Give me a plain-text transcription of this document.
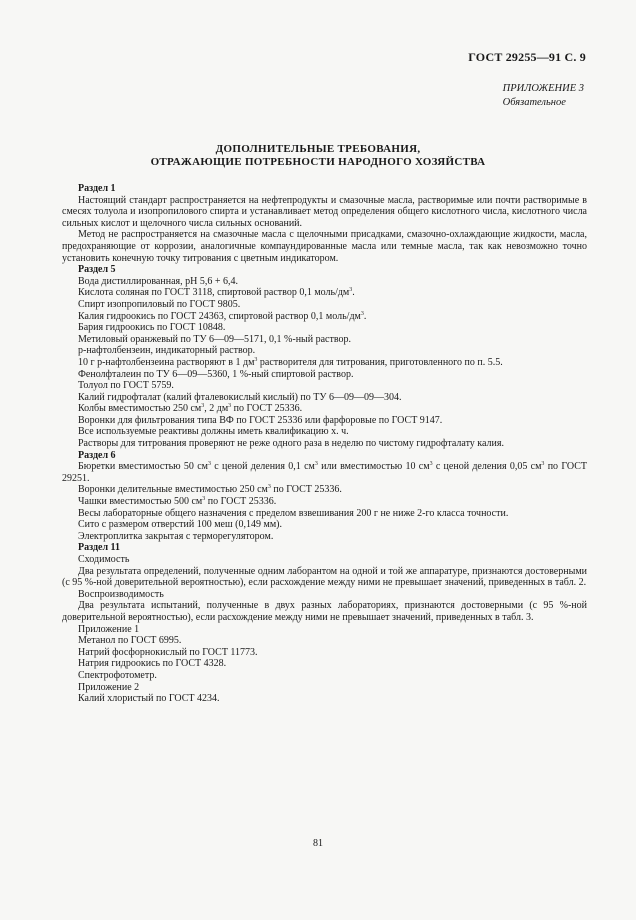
ГОСТ 29255—91 С. 9
ПРИЛОЖЕНИЕ 3
Обязательное
ДОПОЛНИТЕЛЬНЫЕ ТРЕБОВАНИЯ,
ОТРАЖАЮЩИЕ ПОТРЕБНОСТИ НАРОДНОГО ХОЗЯЙСТВА

Раздел 1

Настоящий стандарт распространяется на нефтепродукты и смазочные масла, растворимые или почти растворимые в смесях толуола и изопропилового спирта и устанавливает метод определения общего кислотного числа, кислотного числа сильных кислот и щелочного числа сильных оснований.

Метод не распространяется на смазочные масла с щелочными присадками, смазочно-охлаждающие жидкости, масла, предохраняющие от коррозии, аналогичные компаундированные масла или темные масла, так как невозможно точно установить конечную точку титрования с цветным индикатором.

Раздел 5

Вода дистиллированная, pH 5,6 + 6,4.

Кислота соляная по ГОСТ 3118, спиртовой раствор 0,1 моль/$дм^3$.

Спирт изопропиловый по ГОСТ 9805.

Калия гидроокись по ГОСТ 24363, спиртовой раствор 0,1 моль/$дм^3$.

Бария гидроокись по ГОСТ 10848.

Метиловый оранжевый по ТУ 6—09—5171, 0,1 %-ный раствор.

p-нафтолбензеин, индикаторный раствор.

10 г p-нафтолбензеина растворяют в 1 $дм^3$ растворителя для титрования, приготовленного по п. 5.5.

Фенолфталеин по ТУ 6—09—5360, 1 %-ный спиртовой раствор.

Толуол по ГОСТ 5759.

Калий гидрофталат (калий фталевокислый кислый) по ТУ 6—09—09—304.

Колбы вместимостью 250 $см^3$, 2 $дм^3$ по ГОСТ 25336.

Воронки для фильтрования типа ВФ по ГОСТ 25336 или фарфоровые по ГОСТ 9147.

Все используемые реактивы должны иметь квалификацию х. ч.

Растворы для титрования проверяют не реже одного раза в неделю по чистому гидрофталату калия.

Раздел 6

Бюретки вместимостью 50 $см^3$ с ценой деления 0,1 $см^3$ или вместимостью 10 $см^3$ с ценой деления 0,05 $см^3$ по ГОСТ 29251.

Воронки делительные вместимостью 250 $см^3$ по ГОСТ 25336.

Чашки вместимостью 500 $см^3$ по ГОСТ 25336.

Весы лабораторные общего назначения с пределом взвешивания 200 г не ниже 2-го класса точности.

Сито с размером отверстий 100 меш (0,149 мм).

Электроплитка закрытая с терморегулятором.

Раздел 11

Сходимость

Два результата определений, полученные одним лаборантом на одной и той же аппаратуре, признаются достоверными (с 95 %-ной доверительной вероятностью), если расхождение между ними не превышает значений, приведенных в табл. 2.

Воспроизводимость

Два результата испытаний, полученные в двух разных лабораториях, признаются достоверными (с 95 %-ной доверительной вероятностью), если расхождение между ними не превышает значений, приведенных в табл. 3.

Приложение 1

Метанол по ГОСТ 6995.

Натрий фосфорнокислый по ГОСТ 11773.

Натрия гидроокись по ГОСТ 4328.

Спектрофотометр.

Приложение 2

Калий хлористый по ГОСТ 4234.

81
